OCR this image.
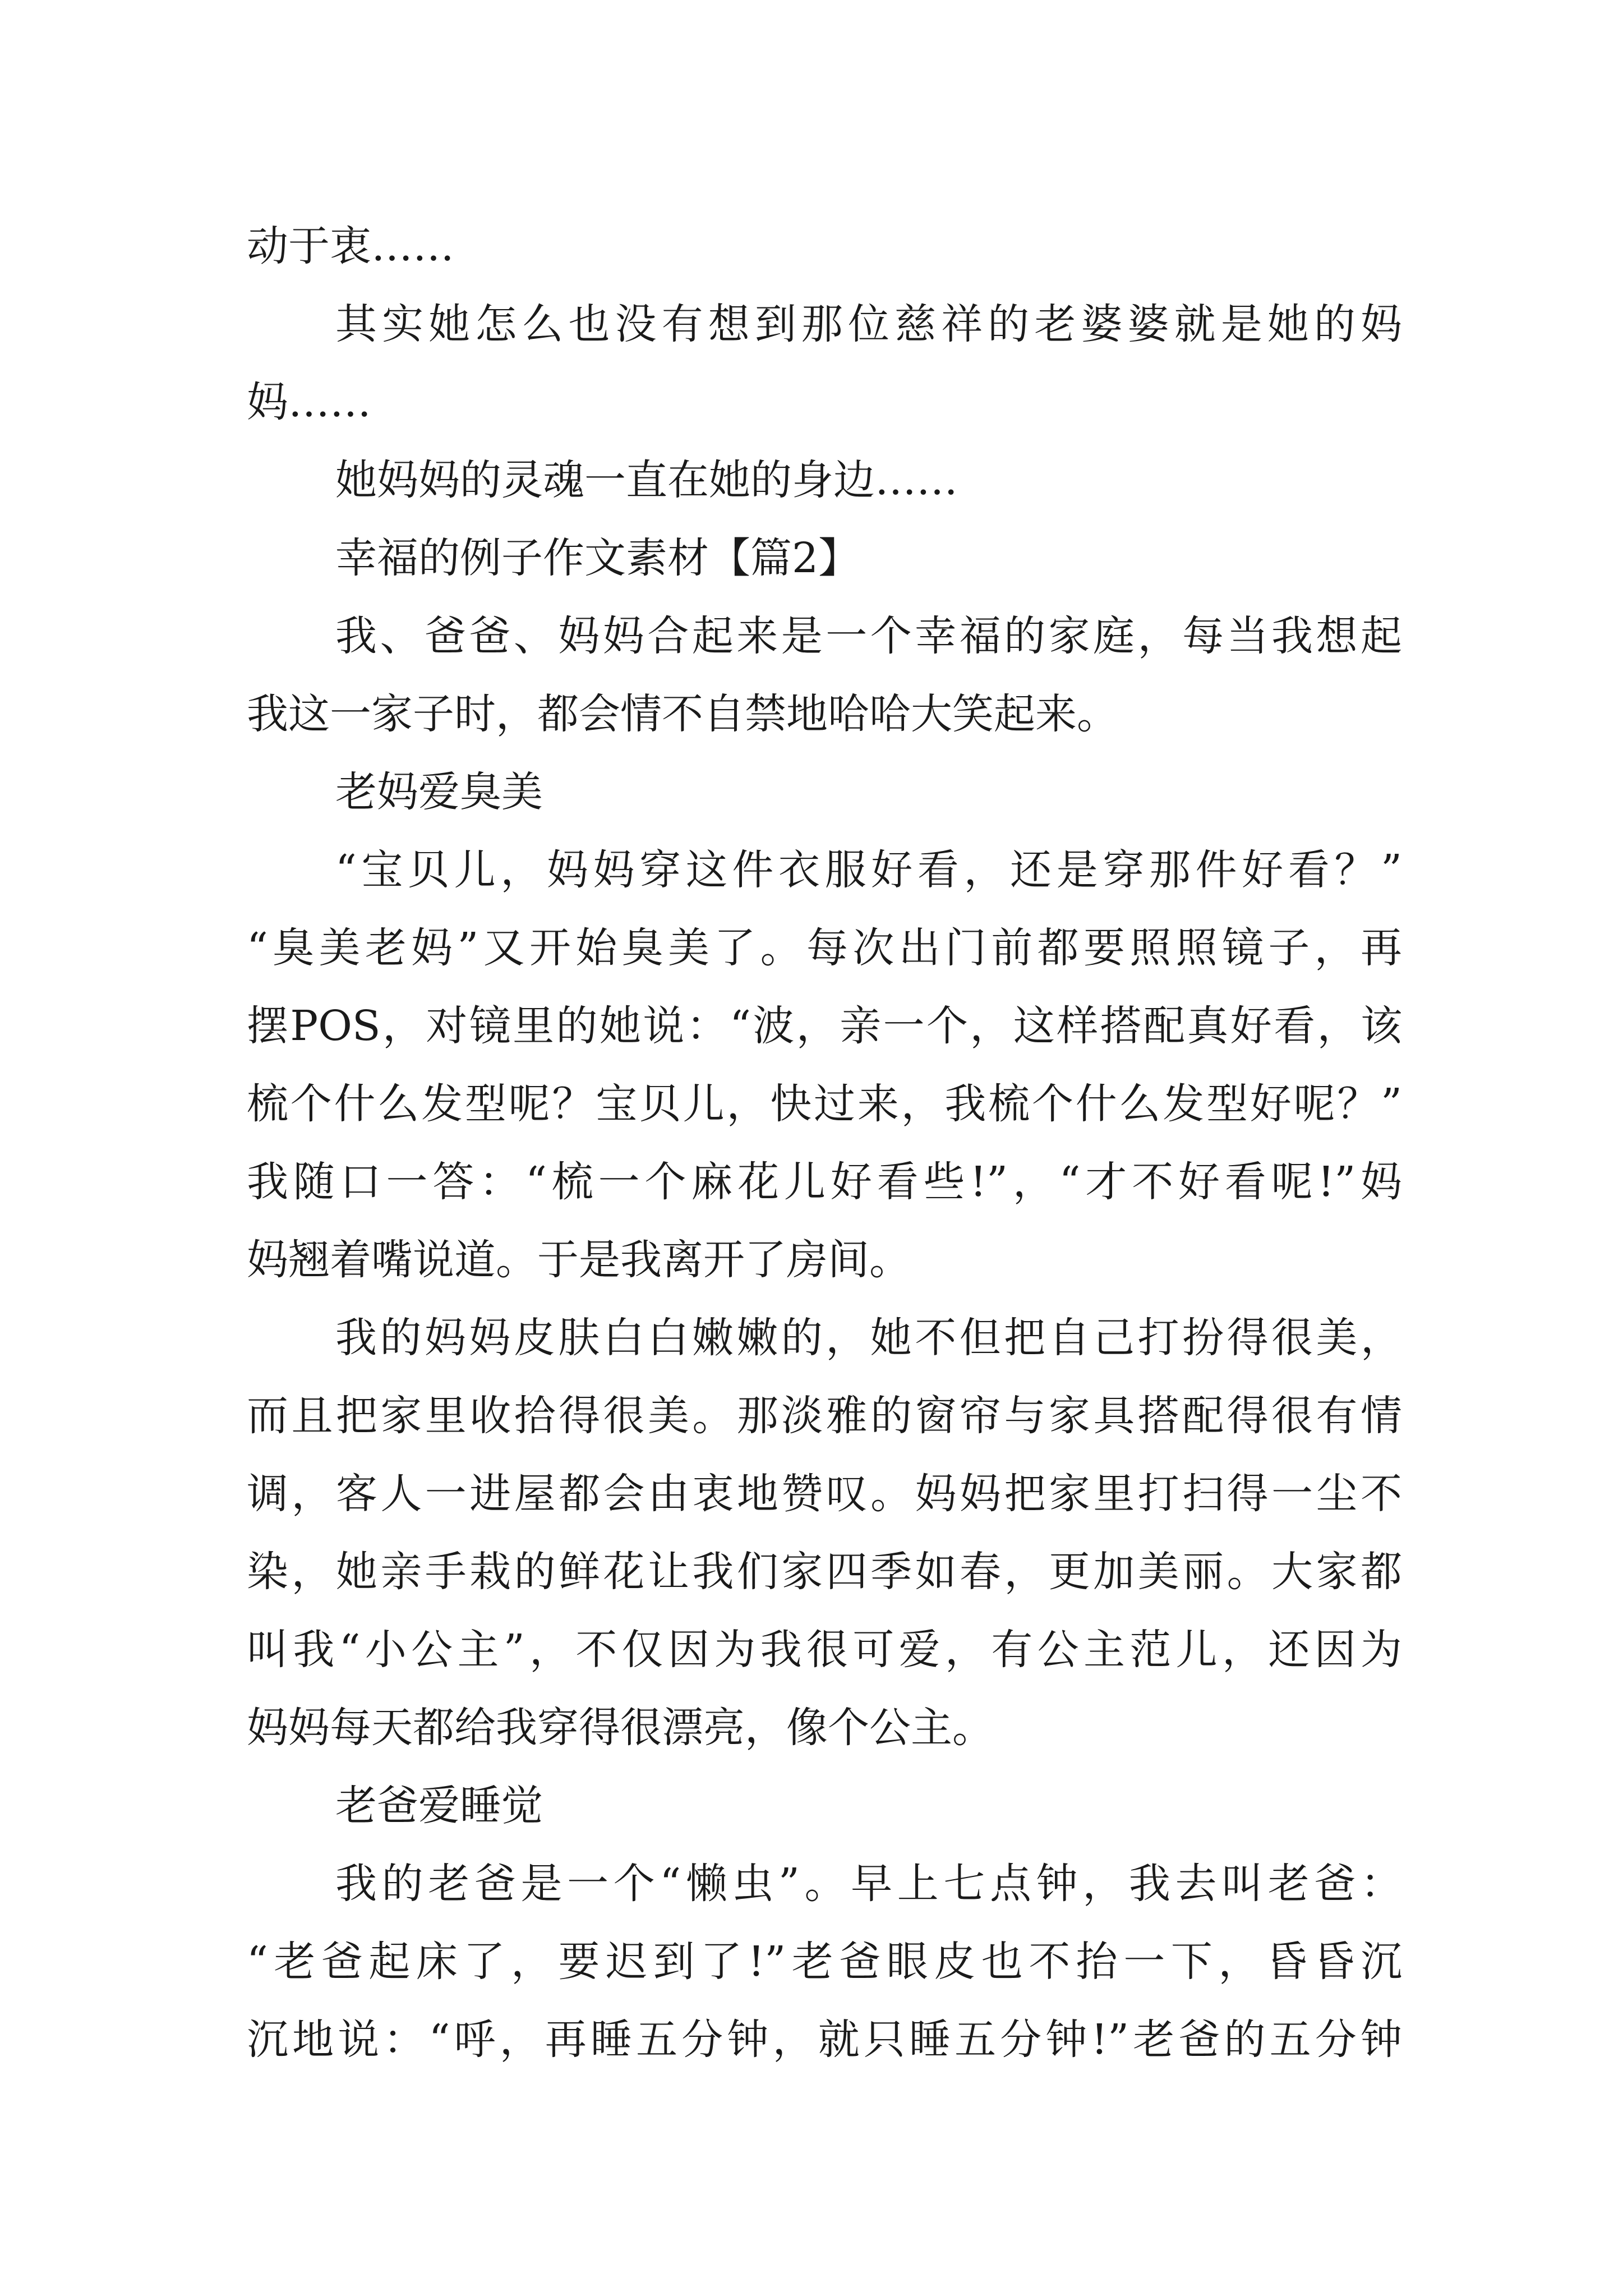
动于衷……
其实她怎么也没有想到那位慈祥的老婆婆就是她的妈
妈……
她妈妈的灵魂一直在她的身边……
幸福的例子作文素材【篇2】
我、爸爸、妈妈合起来是一个幸福的家庭，每当我想起
我这一家子时，都会情不自禁地哈哈大笑起来。
老妈爱臭美
“宝贝儿，妈妈穿这件衣服好看，还是穿那件好看？”
“臭美老妈”又开始臭美了。每次出门前都要照照镜子，再
摆POS，对镜里的她说：“波，亲一个，这样搭配真好看，该
梳个什么发型呢？宝贝儿，快过来，我梳个什么发型好呢？”
我随口一答：“梳一个麻花儿好看些!”，“才不好看呢!”妈
妈翘着嘴说道。于是我离开了房间。
我的妈妈皮肤白白嫩嫩的，她不但把自己打扮得很美，
而且把家里收拾得很美。那淡雅的窗帘与家具搭配得很有情
调，客人一进屋都会由衷地赞叹。妈妈把家里打扫得一尘不
染，她亲手栽的鲜花让我们家四季如春，更加美丽。大家都
叫我“小公主”，不仅因为我很可爱，有公主范儿，还因为
妈妈每天都给我穿得很漂亮，像个公主。
老爸爱睡觉
我的老爸是一个“懒虫”。早上七点钟，我去叫老爸：
“老爸起床了，要迟到了!”老爸眼皮也不抬一下，昏昏沉
沉地说：“呼，再睡五分钟，就只睡五分钟!”老爸的五分钟
